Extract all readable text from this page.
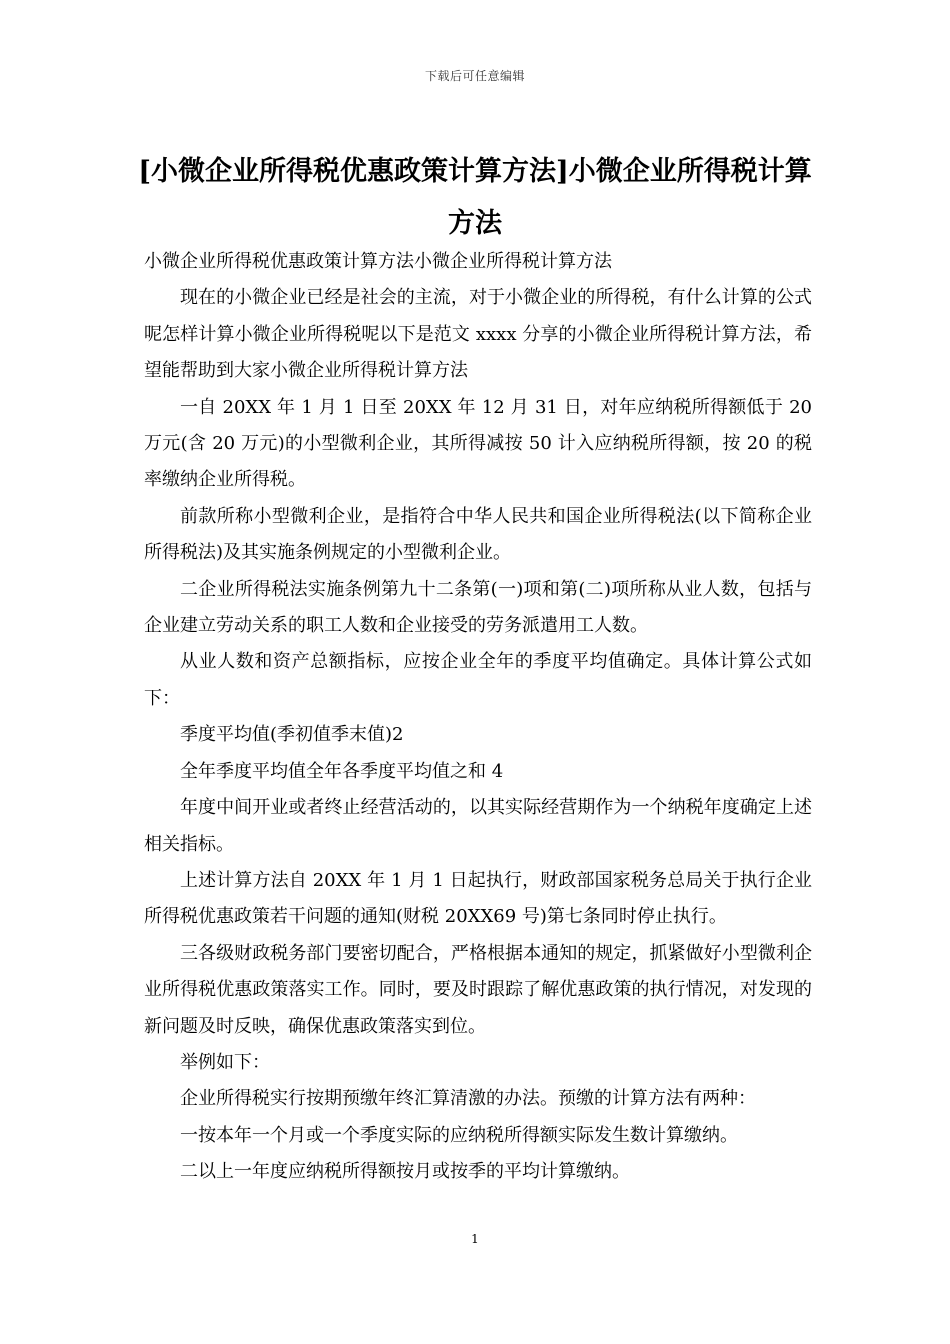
下载后可任意编辑
[小微企业所得税优惠政策计算方法]小微企业所得税计算方法

小微企业所得税优惠政策计算方法小微企业所得税计算方法

现在的小微企业已经是社会的主流，对于小微企业的所得税，有什么计算的公式呢怎样计算小微企业所得税呢以下是范文 xxxx 分享的小微企业所得税计算方法，希望能帮助到大家小微企业所得税计算方法

一自 20XX 年 1 月 1 日至 20XX 年 12 月 31 日，对年应纳税所得额低于 20 万元(含 20 万元)的小型微利企业，其所得减按 50 计入应纳税所得额，按 20 的税率缴纳企业所得税。

前款所称小型微利企业，是指符合中华人民共和国企业所得税法(以下简称企业所得税法)及其实施条例规定的小型微利企业。

二企业所得税法实施条例第九十二条第(一)项和第(二)项所称从业人数，包括与企业建立劳动关系的职工人数和企业接受的劳务派遣用工人数。

从业人数和资产总额指标，应按企业全年的季度平均值确定。具体计算公式如下：

季度平均值(季初值季末值)2

全年季度平均值全年各季度平均值之和 4

年度中间开业或者终止经营活动的，以其实际经营期作为一个纳税年度确定上述相关指标。

上述计算方法自 20XX 年 1 月 1 日起执行，财政部国家税务总局关于执行企业所得税优惠政策若干问题的通知(财税 20XX69 号)第七条同时停止执行。

三各级财政税务部门要密切配合，严格根据本通知的规定，抓紧做好小型微利企业所得税优惠政策落实工作。同时，要及时跟踪了解优惠政策的执行情况，对发现的新问题及时反映，确保优惠政策落实到位。

举例如下：

企业所得税实行按期预缴年终汇算清激的办法。预缴的计算方法有两种：

一按本年一个月或一个季度实际的应纳税所得额实际发生数计算缴纳。

二以上一年度应纳税所得额按月或按季的平均计算缴纳。

1
